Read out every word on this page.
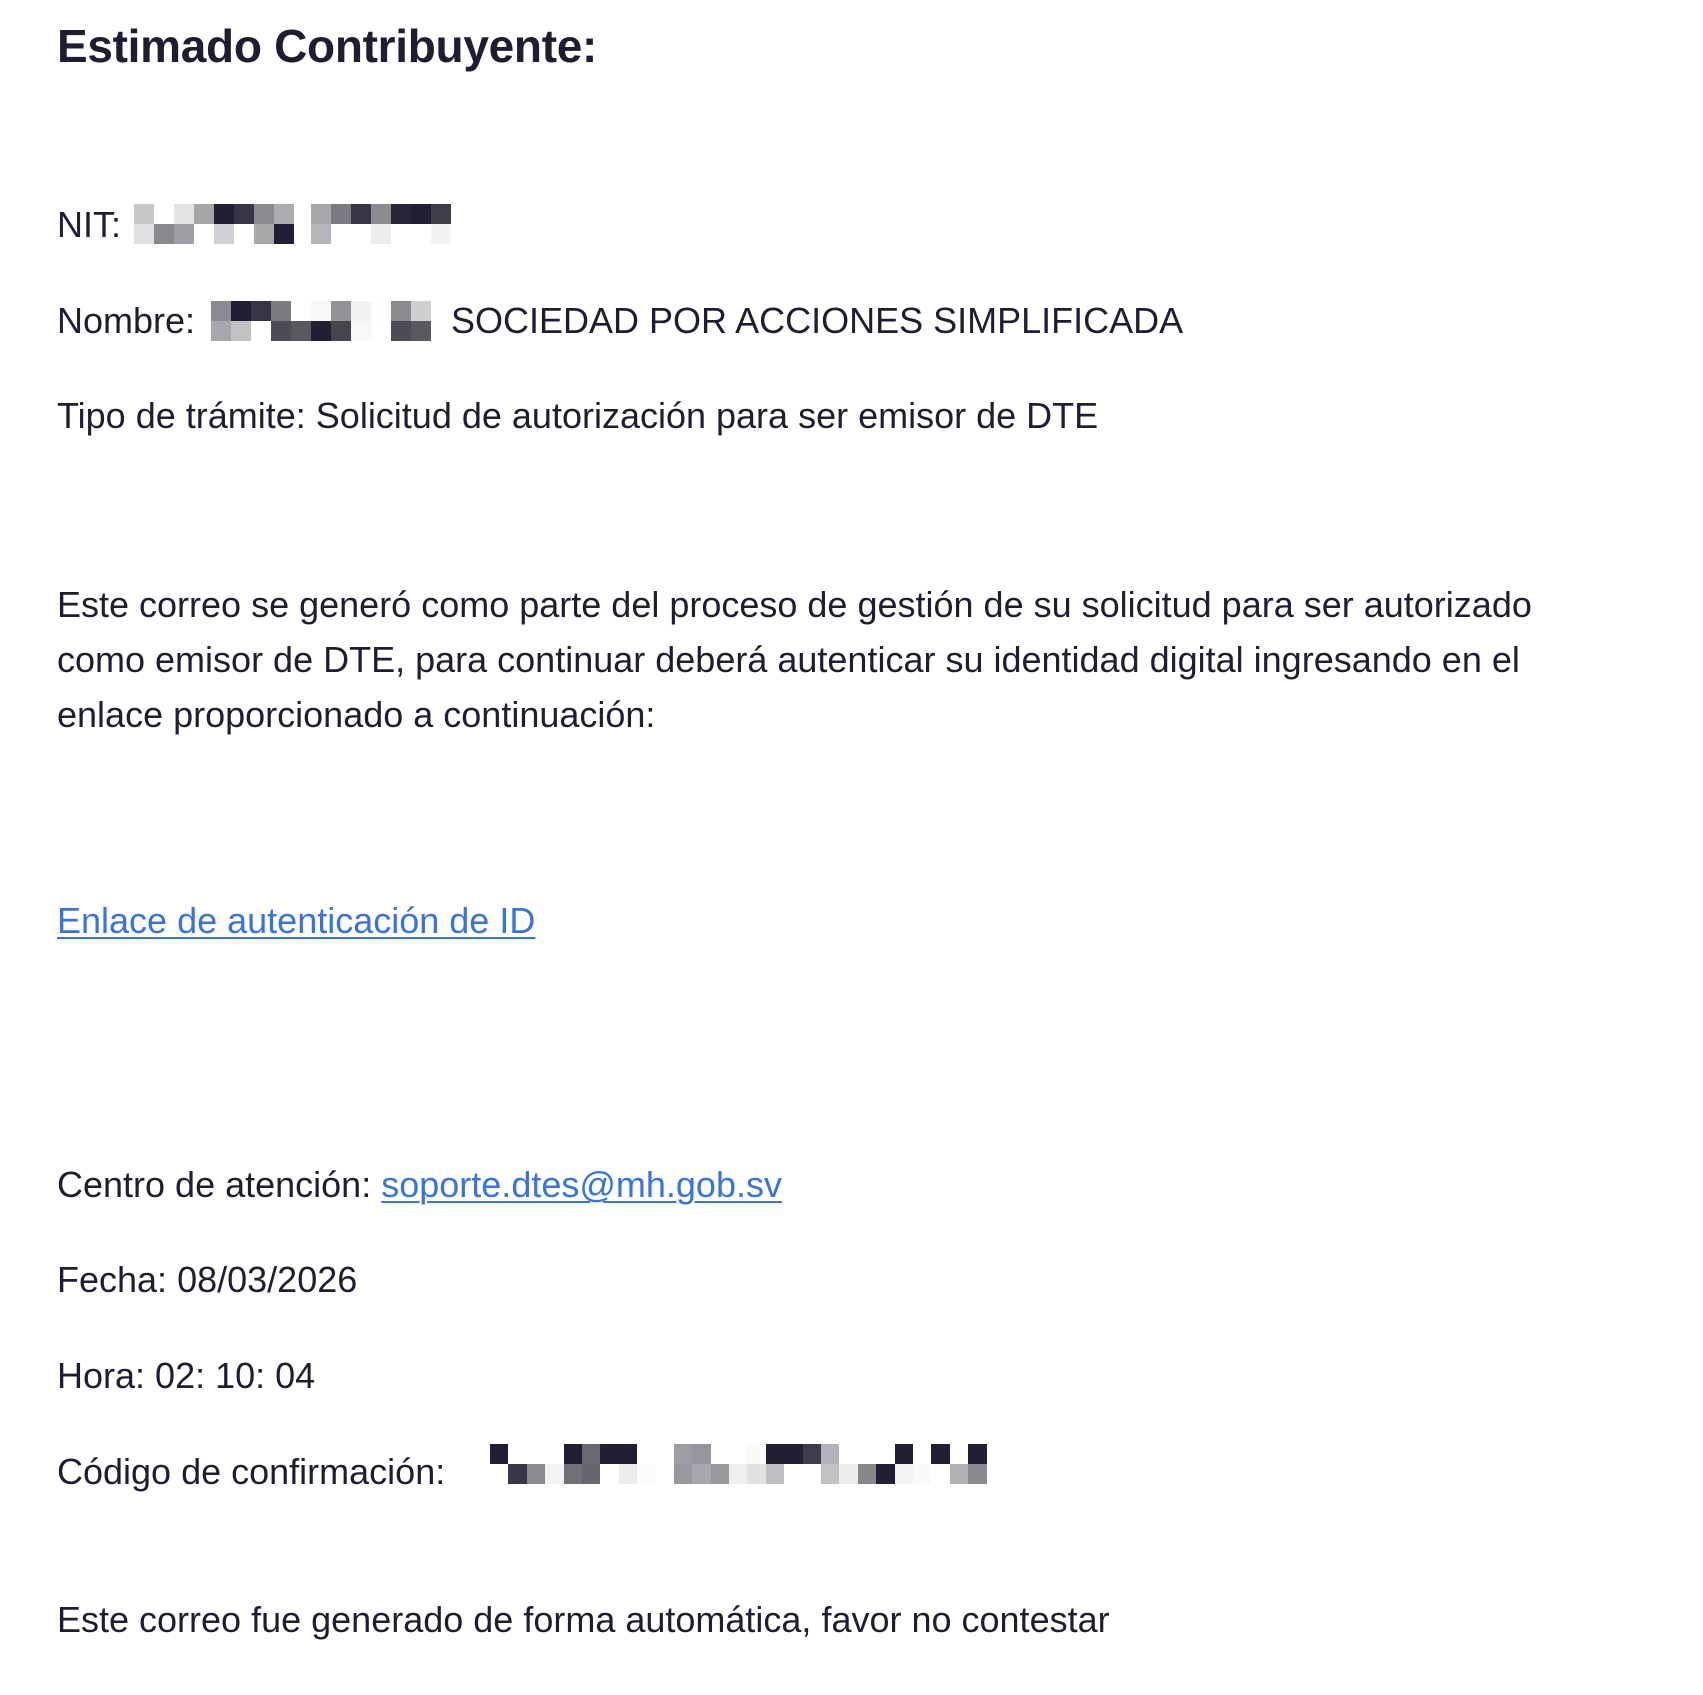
Estimado Contribuyente:
NIT:
Nombre:	SOCIEDAD POR ACCIONES SIMPLIFICADA
Tipo de trámite: Solicitud de autorización para ser emisor de DTE
Este correo se generó como parte del proceso de gestión de su solicitud para ser autorizado
como emisor de DTE, para continuar deberá autenticar su identidad digital ingresando en el
enlace proporcionado a continuación:
Enlace de autenticación de ID
Centro de atención: soporte.dtes@mh.gob.sv
Fecha: 08/03/2026
Hora: 02: 10: 04
Código de confirmación:
Este correo fue generado de forma automática, favor no contestar
